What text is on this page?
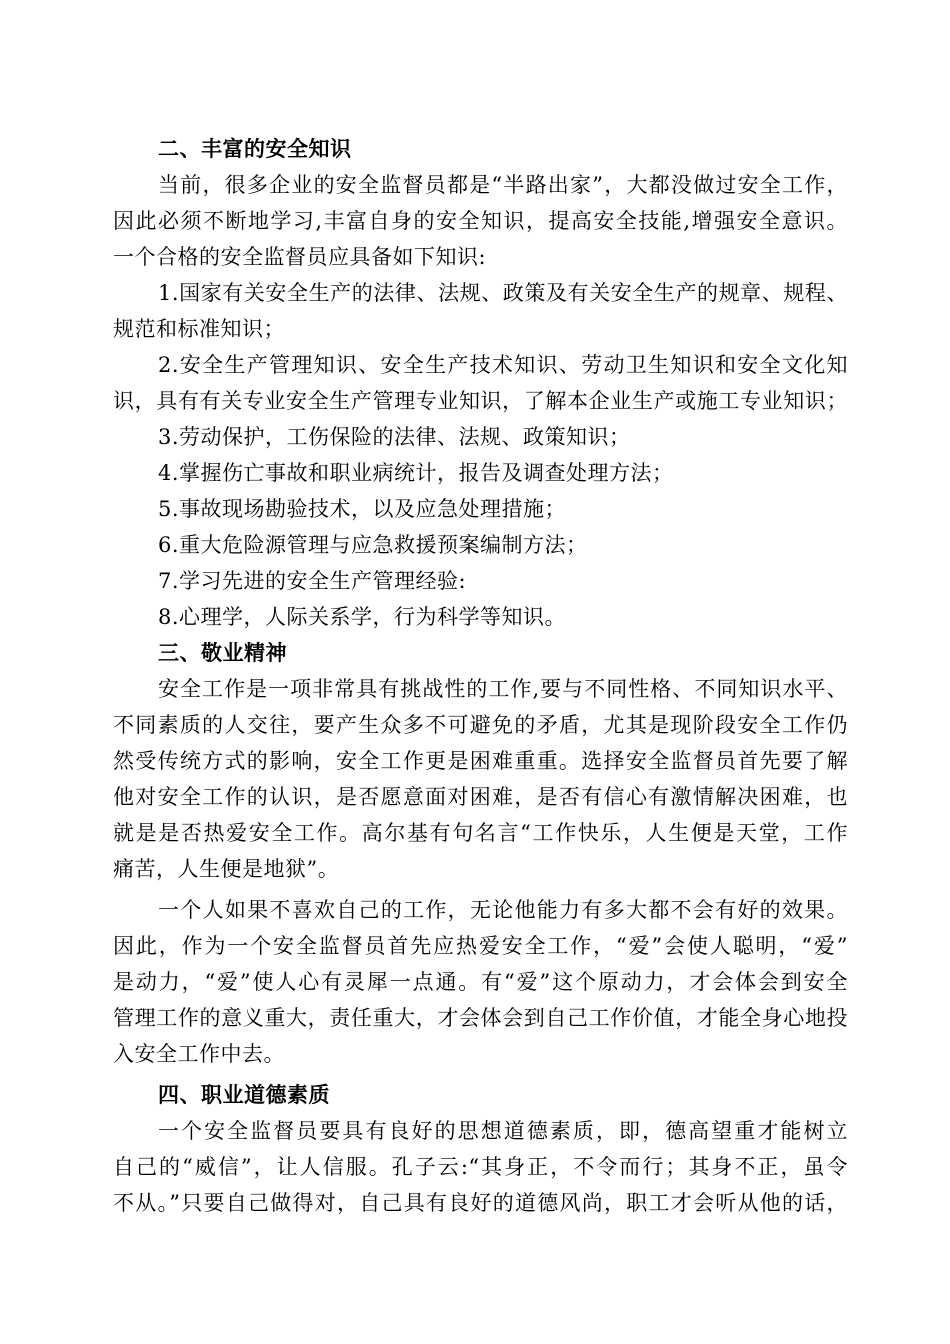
二、丰富的安全知识
当前，很多企业的安全监督员都是“半路出家”，大都没做过安全工作，
因此必须不断地学习,丰富自身的安全知识，提高安全技能,增强安全意识。
一个合格的安全监督员应具备如下知识:
1.国家有关安全生产的法律、法规、政策及有关安全生产的规章、规程、
规范和标准知识；
2.安全生产管理知识、安全生产技术知识、劳动卫生知识和安全文化知
识，具有有关专业安全生产管理专业知识，了解本企业生产或施工专业知识；
3.劳动保护，工伤保险的法律、法规、政策知识；
4.掌握伤亡事故和职业病统计，报告及调查处理方法；
5.事故现场勘验技术，以及应急处理措施；
6.重大危险源管理与应急救援预案编制方法；
7.学习先进的安全生产管理经验:
8.心理学，人际关系学，行为科学等知识。
三、敬业精神
安全工作是一项非常具有挑战性的工作,要与不同性格、不同知识水平、
不同素质的人交往，要产生众多不可避免的矛盾，尤其是现阶段安全工作仍
然受传统方式的影响，安全工作更是困难重重。选择安全监督员首先要了解
他对安全工作的认识，是否愿意面对困难，是否有信心有激情解决困难，也
就是是否热爱安全工作。高尔基有句名言“工作快乐，人生便是天堂，工作
痛苦，人生便是地狱”。
一个人如果不喜欢自己的工作，无论他能力有多大都不会有好的效果。
因此，作为一个安全监督员首先应热爱安全工作，“爱”会使人聪明，“爱”
是动力，“爱”使人心有灵犀一点通。有“爱”这个原动力，才会体会到安全
管理工作的意义重大，责任重大，才会体会到自己工作价值，才能全身心地投
入安全工作中去。
四、职业道德素质
一个安全监督员要具有良好的思想道德素质，即，德高望重才能树立
自己的“威信”，让人信服。孔子云:“其身正，不令而行；其身不正，虽令
不从。”只要自己做得对，自己具有良好的道德风尚，职工才会听从他的话，
